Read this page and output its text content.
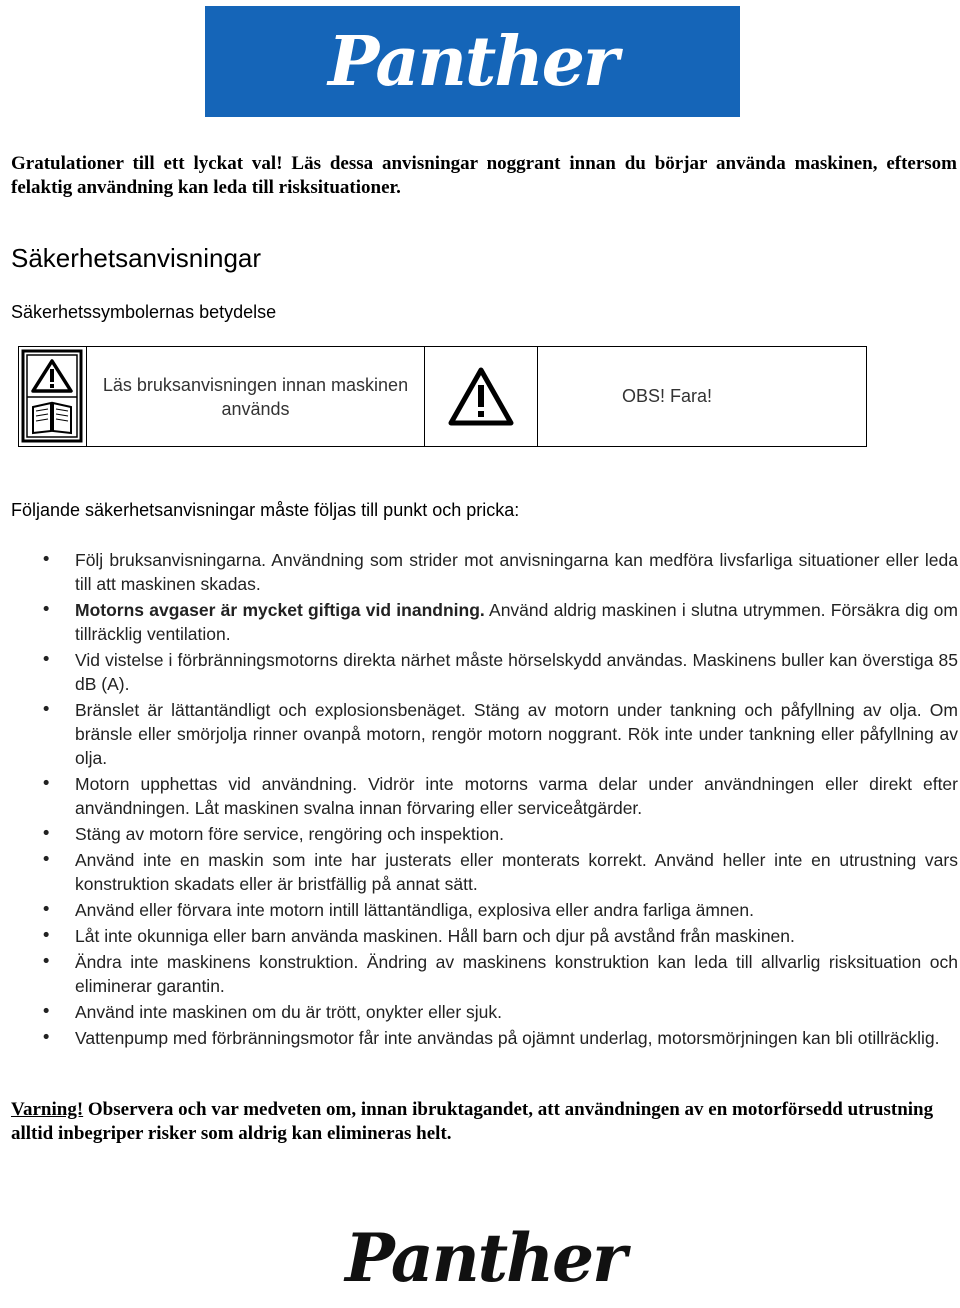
Panther
Gratulationer till ett lyckat val! Läs dessa anvisningar noggrant innan du börjar använda maskinen, eftersom felaktig användning kan leda till risksituationer.
Säkerhetsanvisningar
Säkerhetssymbolernas betydelse
Läs bruksanvisningen innan maskinen används
OBS! Fara!
Följande säkerhetsanvisningar måste följas till punkt och pricka:
• Följ bruksanvisningarna. Användning som strider mot anvisningarna kan medföra livsfarliga situationer eller leda till att maskinen skadas.
• Motorns avgaser är mycket giftiga vid inandning. Använd aldrig maskinen i slutna utrymmen. Försäkra dig om tillräcklig ventilation.
• Vid vistelse i förbränningsmotorns direkta närhet måste hörselskydd användas. Maskinens buller kan överstiga 85 dB (A).
• Bränslet är lättantändligt och explosionsbenäget. Stäng av motorn under tankning och påfyllning av olja. Om bränsle eller smörjolja rinner ovanpå motorn, rengör motorn noggrant. Rök inte under tankning eller påfyllning av olja.
• Motorn upphettas vid användning. Vidrör inte motorns varma delar under användningen eller direkt efter användningen. Låt maskinen svalna innan förvaring eller serviceåtgärder.
• Stäng av motorn före service, rengöring och inspektion.
• Använd inte en maskin som inte har justerats eller monterats korrekt. Använd heller inte en utrustning vars konstruktion skadats eller är bristfällig på annat sätt.
• Använd eller förvara inte motorn intill lättantändliga, explosiva eller andra farliga ämnen.
• Låt inte okunniga eller barn använda maskinen. Håll barn och djur på avstånd från maskinen.
• Ändra inte maskinens konstruktion. Ändring av maskinens konstruktion kan leda till allvarlig risksituation och eliminerar garantin.
• Använd inte maskinen om du är trött, onykter eller sjuk.
• Vattenpump med förbränningsmotor får inte användas på ojämnt underlag, motorsmörjningen kan bli otillräcklig.
Varning! Observera och var medveten om, innan ibruktagandet, att användningen av en motorförsedd utrustning alltid inbegriper risker som aldrig kan elimineras helt.
Panther
